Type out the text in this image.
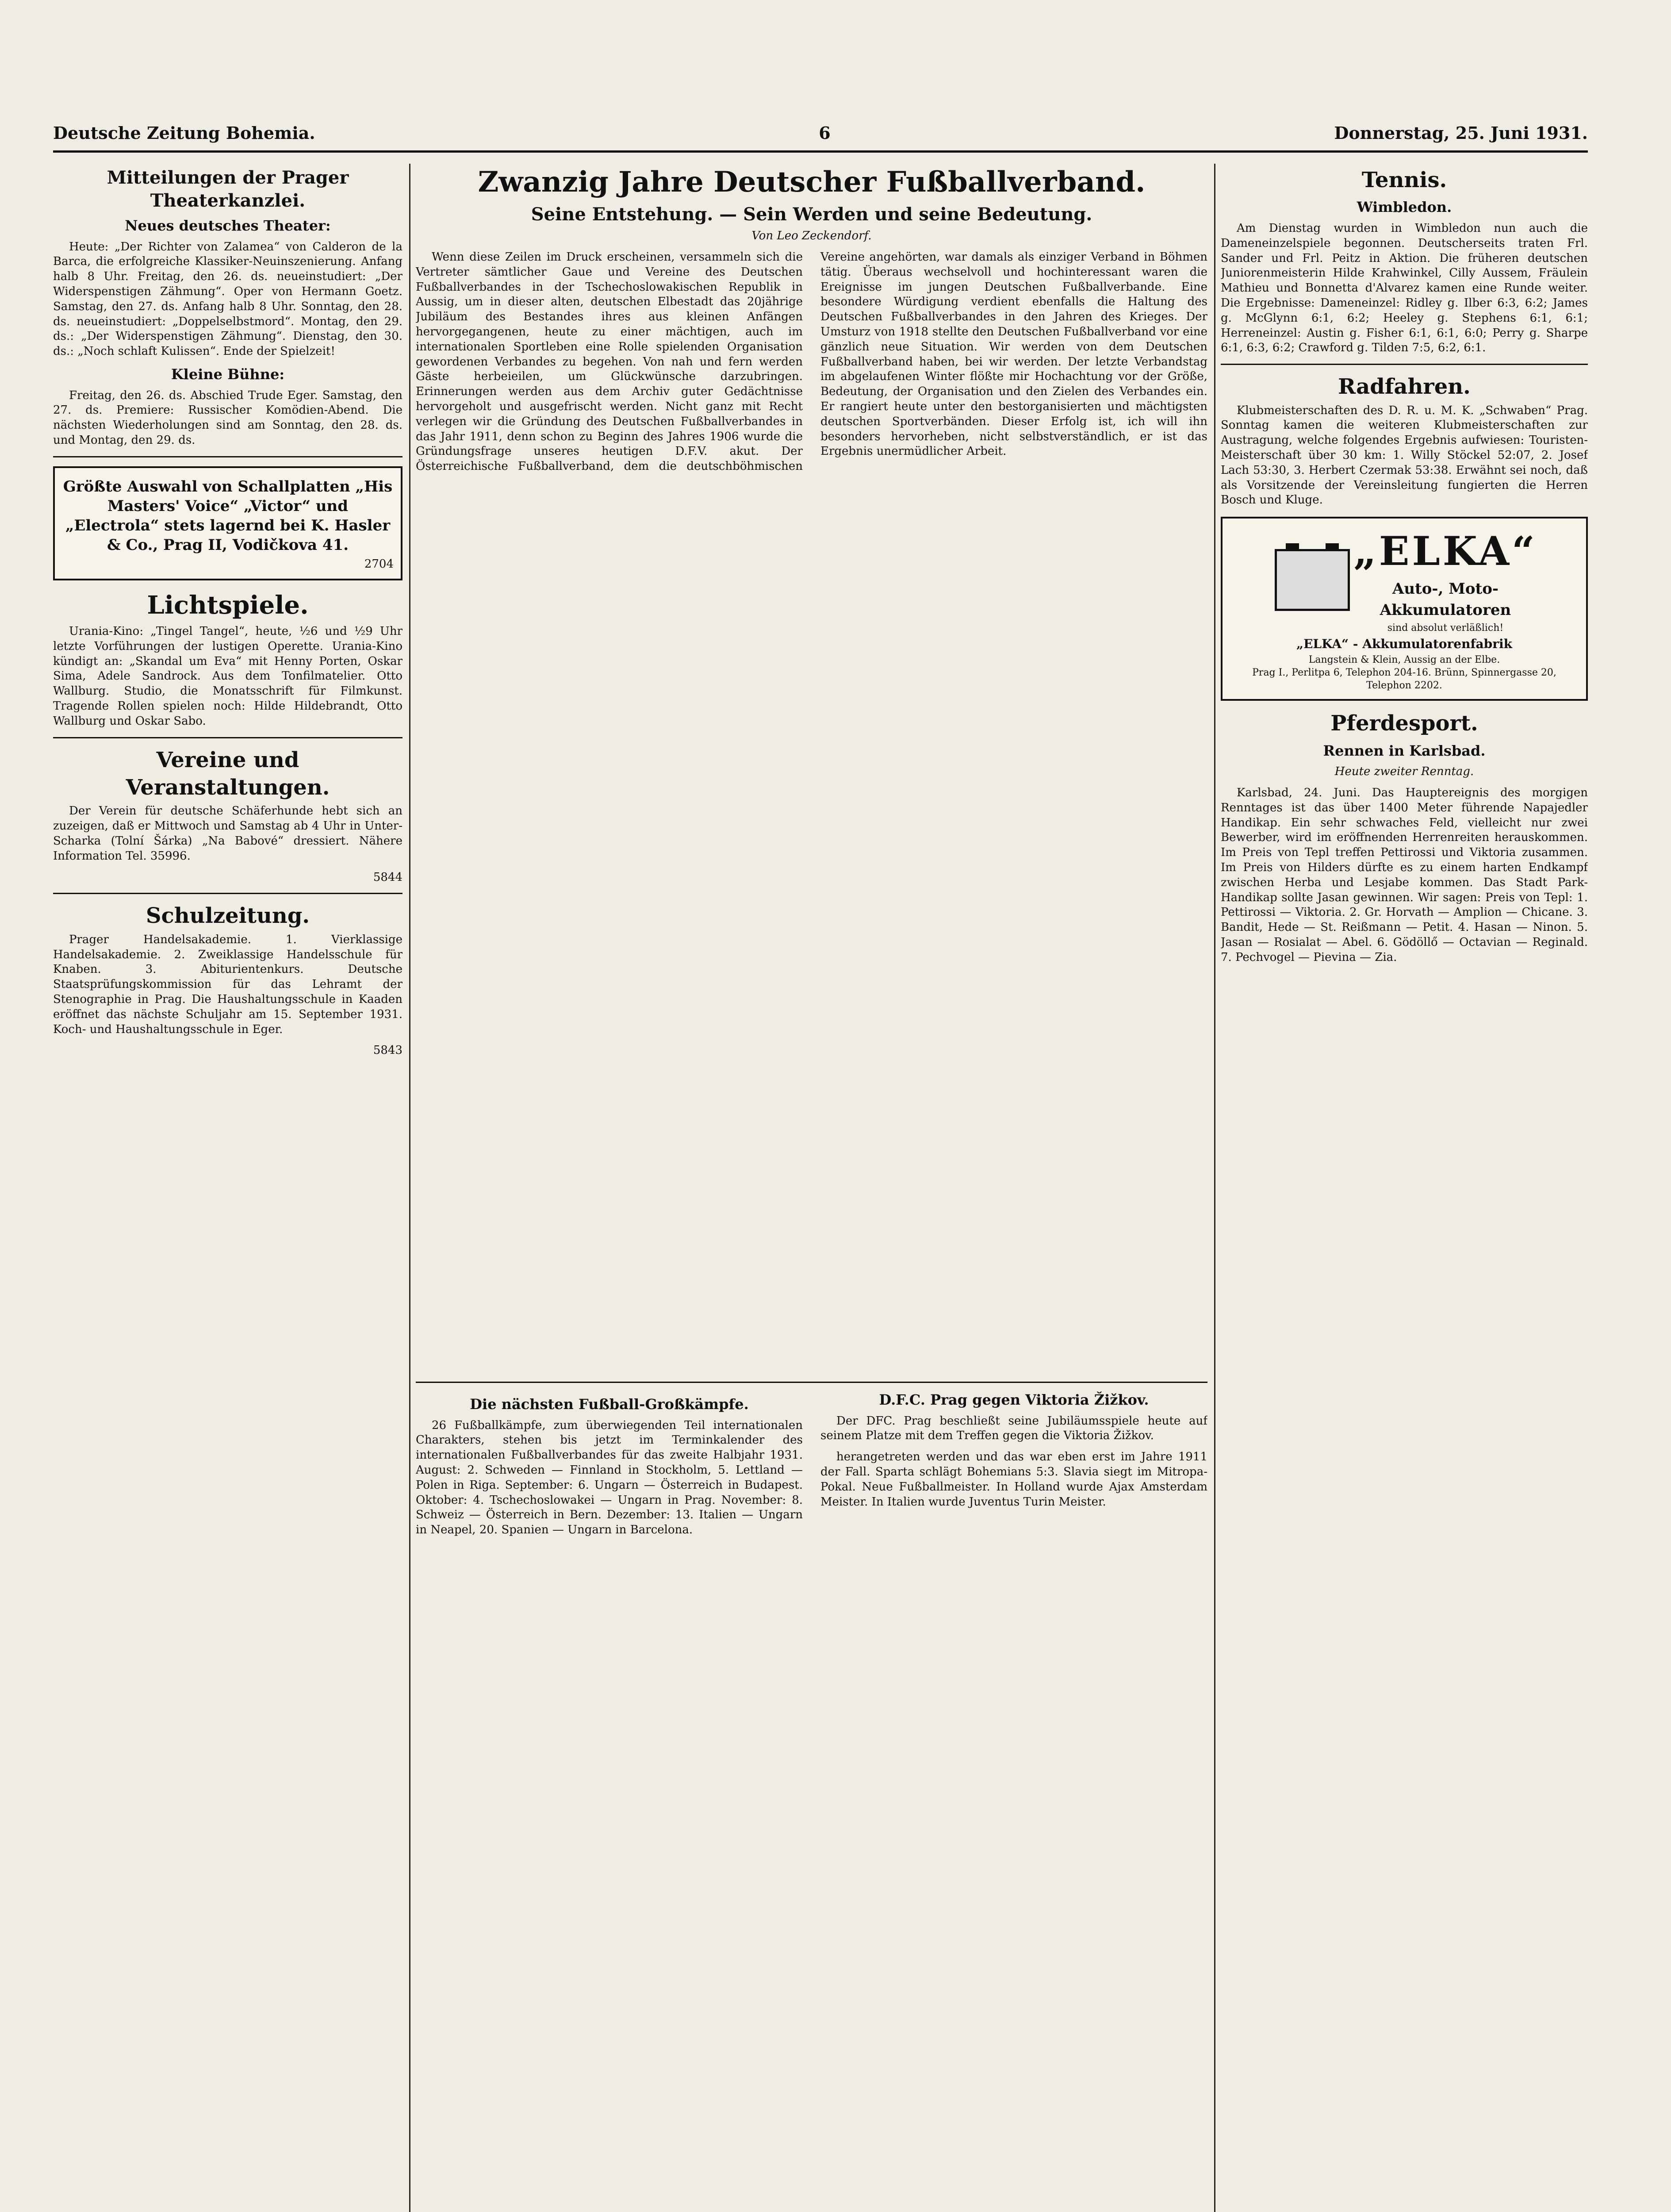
Deutsche Zeitung Bohemia.	6	Donnerstag, 25. Juni 1931.
Mitteilungen der Prager Theaterkanzlei.
Neues deutsches Theater:

Heute: „Der Richter von Zalamea“ von Calderon de la Barca, die erfolgreiche Klassiker-Neuinszenierung. Anfang halb 8 Uhr. Freitag, den 26. ds. neueinstudiert: „Der Widerspenstigen Zähmung“. Oper von Hermann Goetz. Samstag, den 27. ds. Anfang halb 8 Uhr. Sonntag, den 28. ds. neueinstudiert: „Doppelselbstmord“. Montag, den 29. ds.: „Der Widerspenstigen Zähmung“. Dienstag, den 30. ds.: „Noch schlaft Kulissen“. Ende der Spielzeit!

Kleine Bühne:

Freitag, den 26. ds. Abschied Trude Eger. Samstag, den 27. ds. Premiere: Russischer Komödien-Abend. Die nächsten Wiederholungen sind am Sonntag, den 28. ds. und Montag, den 29. ds.

Größte Auswahl von Schallplatten „His Masters' Voice“ „Victor“ und „Electrola“ stets lagernd bei K. Hasler & Co., Prag II, Vodičkova 41.
2704
Lichtspiele.

Urania-Kino: „Tingel Tangel“, heute, ½6 und ½9 Uhr letzte Vorführungen der lustigen Operette. Urania-Kino kündigt an: „Skandal um Eva“ mit Henny Porten, Oskar Sima, Adele Sandrock. Aus dem Tonfilmatelier. Otto Wallburg. Studio, die Monatsschrift für Filmkunst. Tragende Rollen spielen noch: Hilde Hildebrandt, Otto Wallburg und Oskar Sabo.

Vereine und Veranstaltungen.

Der Verein für deutsche Schäferhunde hebt sich an zuzeigen, daß er Mittwoch und Samstag ab 4 Uhr in Unter-Scharka (Tolní Šárka) „Na Babové“ dressiert. Nähere Information Tel. 35996.

5844
Schulzeitung.

Prager Handelsakademie. 1. Vierklassige Handelsakademie. 2. Zweiklassige Handelsschule für Knaben. 3. Abiturientenkurs. Deutsche Staatsprüfungskommission für das Lehramt der Stenographie in Prag. Die Haushaltungsschule in Kaaden eröffnet das nächste Schuljahr am 15. September 1931. Koch- und Haushaltungsschule in Eger.

5843
Zwanzig Jahre Deutscher Fußballverband.
Seine Entstehung. — Sein Werden und seine Bedeutung.
Von Leo Zeckendorf.

Wenn diese Zeilen im Druck erscheinen, versammeln sich die Vertreter sämtlicher Gaue und Vereine des Deutschen Fußballverbandes in der Tschechoslowakischen Republik in Aussig, um in dieser alten, deutschen Elbestadt das 20jährige Jubiläum des Bestandes ihres aus kleinen Anfängen hervorgegangenen, heute zu einer mächtigen, auch im internationalen Sportleben eine Rolle spielenden Organisation gewordenen Verbandes zu begehen. Von nah und fern werden Gäste herbeieilen, um Glückwünsche darzubringen. Erinnerungen werden aus dem Archiv guter Gedächtnisse hervorgeholt und ausgefrischt werden. Nicht ganz mit Recht verlegen wir die Gründung des Deutschen Fußballverbandes in das Jahr 1911, denn schon zu Beginn des Jahres 1906 wurde die Gründungsfrage unseres heutigen D.F.V. akut. Der Österreichische Fußballverband, dem die deutschböhmischen Vereine angehörten, war damals als einziger Verband in Böhmen tätig. Überaus wechselvoll und hochinteressant waren die Ereignisse im jungen Deutschen Fußballverbande. Eine besondere Würdigung verdient ebenfalls die Haltung des Deutschen Fußballverbandes in den Jahren des Krieges. Der Umsturz von 1918 stellte den Deutschen Fußballverband vor eine gänzlich neue Situation. Wir werden von dem Deutschen Fußballverband haben, bei wir werden. Der letzte Verbandstag im abgelaufenen Winter flößte mir Hochachtung vor der Größe, Bedeutung, der Organisation und den Zielen des Verbandes ein. Er rangiert heute unter den bestorganisierten und mächtigsten deutschen Sportverbänden. Dieser Erfolg ist, ich will ihn besonders hervorheben, nicht selbstverständlich, er ist das Ergebnis unermüdlicher Arbeit.

Die nächsten Fußball-Großkämpfe.

26 Fußballkämpfe, zum überwiegenden Teil internationalen Charakters, stehen bis jetzt im Terminkalender des internationalen Fußballverbandes für das zweite Halbjahr 1931. August: 2. Schweden — Finnland in Stockholm, 5. Lettland — Polen in Riga. September: 6. Ungarn — Österreich in Budapest. Oktober: 4. Tschechoslowakei — Ungarn in Prag. November: 8. Schweiz — Österreich in Bern. Dezember: 13. Italien — Ungarn in Neapel, 20. Spanien — Ungarn in Barcelona.

D.F.C. Prag gegen Viktoria Žižkov.

Der DFC. Prag beschließt seine Jubiläumsspiele heute auf seinem Platze mit dem Treffen gegen die Viktoria Žižkov.

herangetreten werden und das war eben erst im Jahre 1911 der Fall. Sparta schlägt Bohemians 5:3. Slavia siegt im Mitropa-Pokal. Neue Fußballmeister. In Holland wurde Ajax Amsterdam Meister. In Italien wurde Juventus Turin Meister.

Tennis.
Wimbledon.

Am Dienstag wurden in Wimbledon nun auch die Dameneinzelspiele begonnen. Deutscherseits traten Frl. Sander und Frl. Peitz in Aktion. Die früheren deutschen Juniorenmeisterin Hilde Krahwinkel, Cilly Aussem, Fräulein Mathieu und Bonnetta d'Alvarez kamen eine Runde weiter. Die Ergebnisse: Dameneinzel: Ridley g. Ilber 6:3, 6:2; James g. McGlynn 6:1, 6:2; Heeley g. Stephens 6:1, 6:1; Herreneinzel: Austin g. Fisher 6:1, 6:1, 6:0; Perry g. Sharpe 6:1, 6:3, 6:2; Crawford g. Tilden 7:5, 6:2, 6:1.

Radfahren.

Klubmeisterschaften des D. R. u. M. K. „Schwaben“ Prag. Sonntag kamen die weiteren Klubmeisterschaften zur Austragung, welche folgendes Ergebnis aufwiesen: Touristen-Meisterschaft über 30 km: 1. Willy Stöckel 52:07, 2. Josef Lach 53:30, 3. Herbert Czermak 53:38. Erwähnt sei noch, daß als Vorsitzende der Vereinsleitung fungierten die Herren Bosch und Kluge.

„ELKA“
Auto-, Moto-
Akkumulatoren
sind absolut verläßlich!
„ELKA“ - Akkumulatorenfabrik
Langstein & Klein, Aussig an der Elbe.
Prag I., Perlitpa 6, Telephon 204-16. Brünn, Spinnergasse 20, Telephon 2202.
Pferdesport.
Rennen in Karlsbad.
Heute zweiter Renntag.

Karlsbad, 24. Juni. Das Hauptereignis des morgigen Renntages ist das über 1400 Meter führende Napajedler Handikap. Ein sehr schwaches Feld, vielleicht nur zwei Bewerber, wird im eröffnenden Herrenreiten herauskommen. Im Preis von Tepl treffen Pettirossi und Viktoria zusammen. Im Preis von Hilders dürfte es zu einem harten Endkampf zwischen Herba und Lesjabe kommen. Das Stadt Park-Handikap sollte Jasan gewinnen. Wir sagen: Preis von Tepl: 1. Pettirossi — Viktoria. 2. Gr. Horvath — Amplion — Chicane. 3. Bandit, Hede — St. Reißmann — Petit. 4. Hasan — Ninon. 5. Jasan — Rosialat — Abel. 6. Gödöllő — Octavian — Reginald. 7. Pechvogel — Pievina — Zia.
